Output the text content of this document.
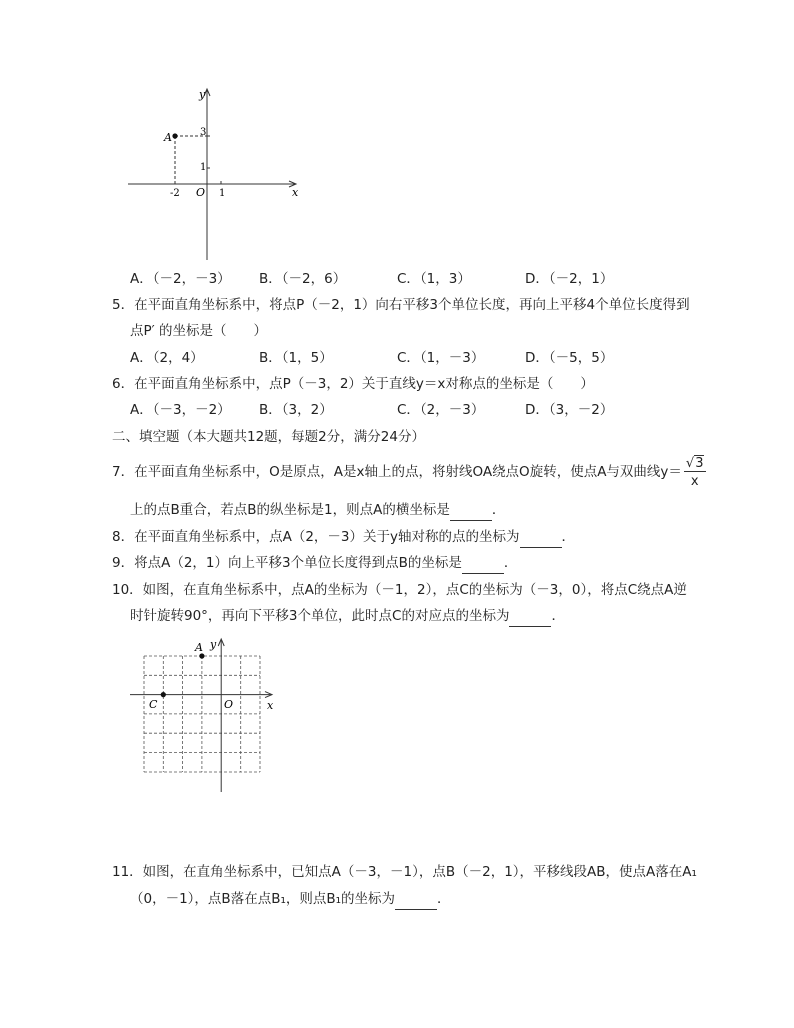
y
x
O
-2	1
3
1
A
A．（－2，－3） B．（－2，6）	C．（1，3）	D．（－2，1）
5．在平面直角坐标系中，将点P（－2，1）向右平移3个单位长度，再向上平移4个单位长度得到
点P′ 的坐标是（　　）
A．（2，4）	B．（1，5）	C．（1，－3）	D．（－5，5）
6．在平面直角坐标系中，点P（－3，2）关于直线y＝x对称点的坐标是（　　）
A．（－3，－2） B．（3，2）	C．（2，－3）	D．（3，－2）
二、填空题（本大题共12题，每题2分，满分24分）
7．在平面直角坐标系中，O是原点，A是x轴上的点，将射线OA绕点O旋转，使点A与双曲线$y= \frac{√3}{x}$
上的点B重合，若点B的纵坐标是1，则点A的横坐标是	．
8．在平面直角坐标系中，点A（2，－3）关于y轴对称的点的坐标为	．
9．将点A（2，1）向上平移3个单位长度得到点B的坐标是	．
10．如图，在直角坐标系中，点A的坐标为（－1，2），点C的坐标为（－3，0），将点C绕点A逆
时针旋转90°，再向下平移3个单位，此时点C的对应点的坐标为	．
y
x
O
A
C
11．如图，在直角坐标系中，已知点A（－3，－1），点B（－2，1），平移线段AB，使点A落在A₁
（0，－1），点B落在点B₁，则点B₁的坐标为	．
